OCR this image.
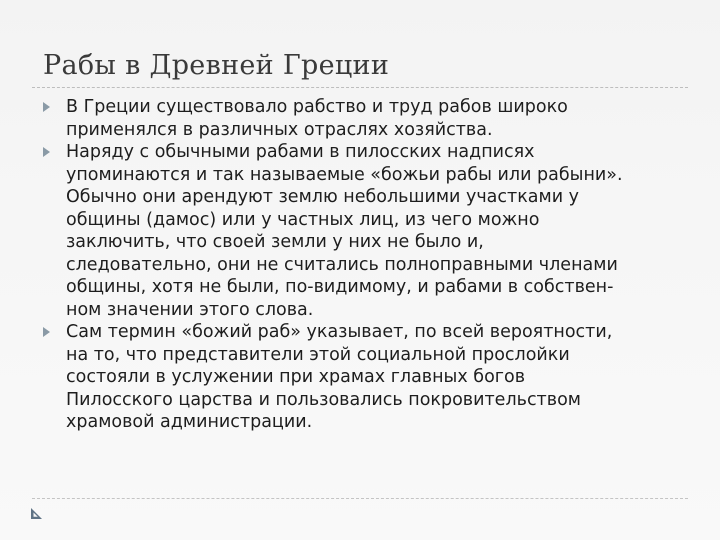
Рабы в Древней Греции
В Греции существовало рабство и труд рабов широко
применялся в различных отраслях хозяйства.
Наряду с обычными рабами в пилосских надписях
упоминаются и так называемые «божьи рабы или рабыни».
Обычно они арендуют землю небольшими участками у
общины (дамос) или у частных лиц, из чего можно
заключить, что своей земли у них не было и,
следовательно, они не считались полноправными членами
общины, хотя не были, по-видимому, и рабами в собствен-
ном значении этого слова.
Сам термин «божий раб» указывает, по всей вероятности,
на то, что представители этой социальной прослойки
состояли в услужении при храмах главных богов
Пилосского царства и пользовались покровительством
храмовой администрации.
